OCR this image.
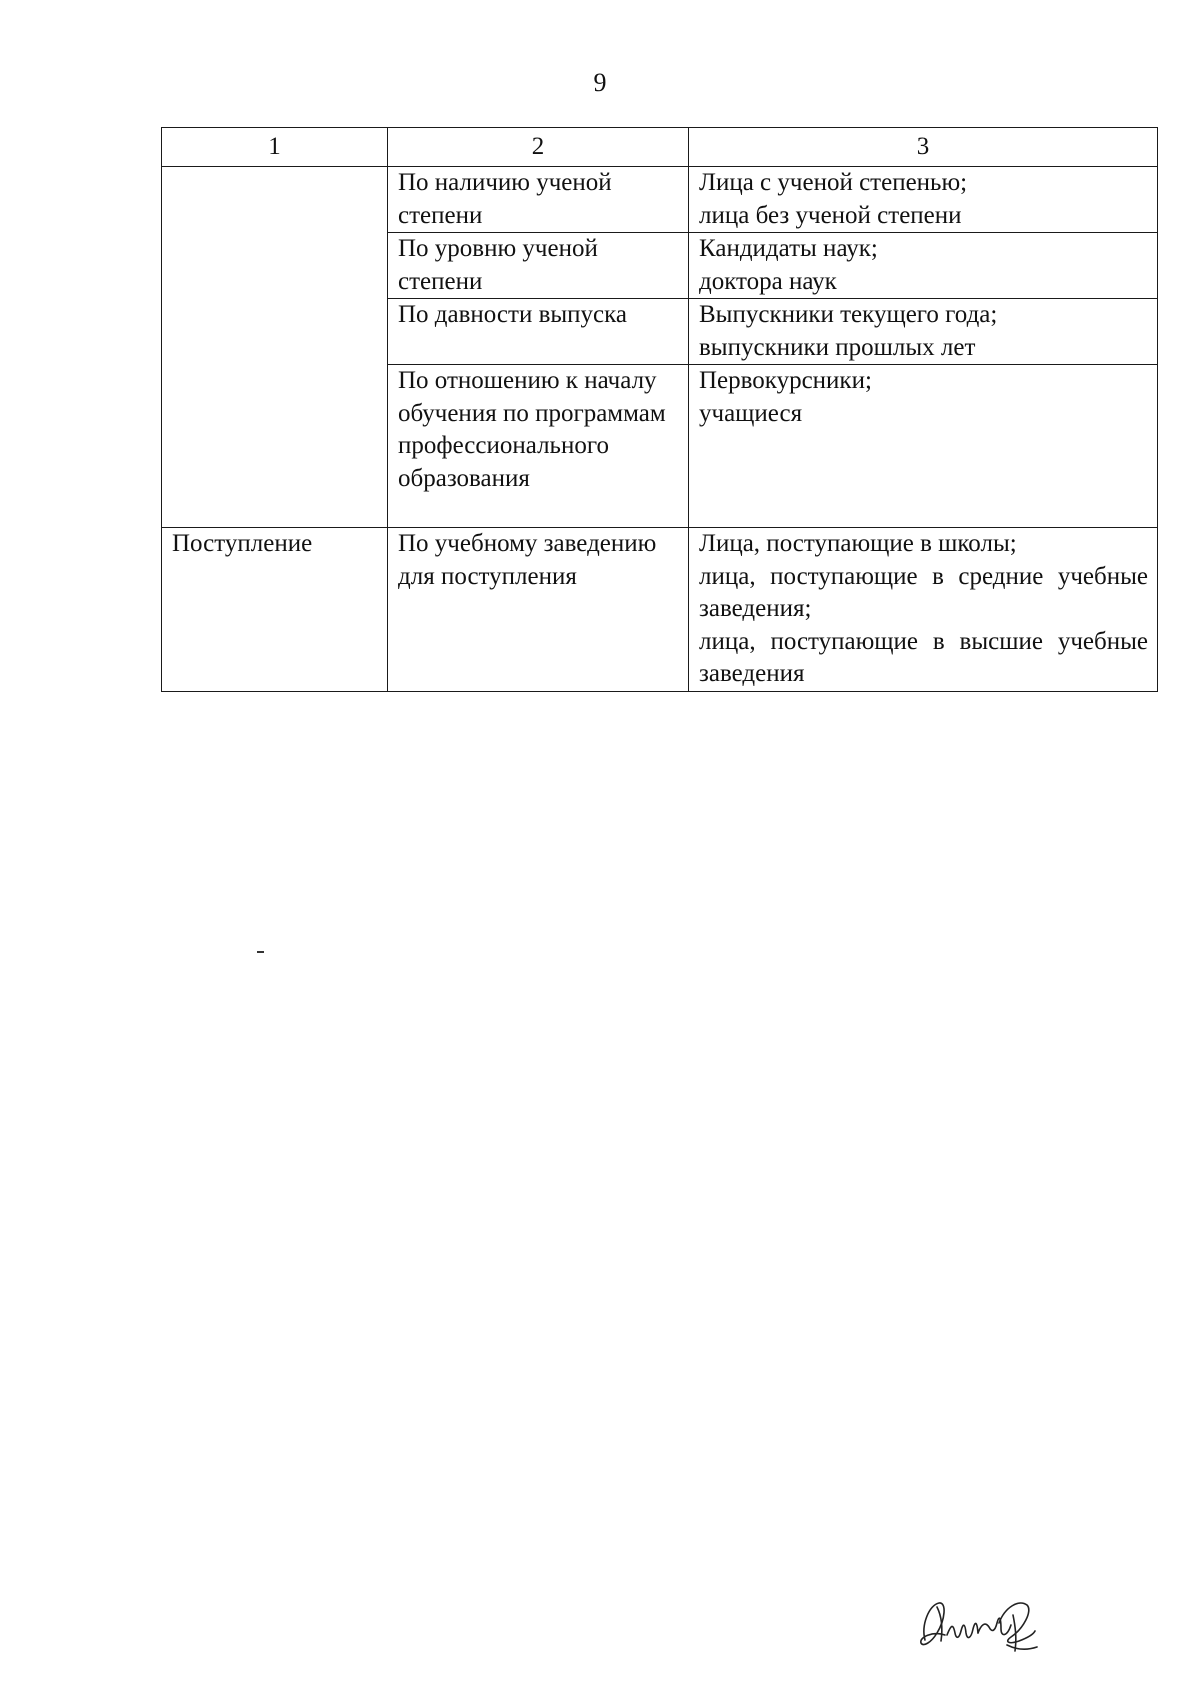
9
1	2	3
	По наличию ученой степени	Лица с ученой степенью;
лица без ученой степени

	По уровню ученой степени	Кандидаты наук;
доктора наук

	По давности выпуска	Выпускники текущего года;
выпускники прошлых лет

	По отношению к началу обучения по программам профессионального образования	Первокурсники;
учащиеся

Поступление	По учебному заведению для поступления	Лица, поступающие в школы;
лица, поступающие в средние учебные заведения;
лица, поступающие в высшие учебные заведения
